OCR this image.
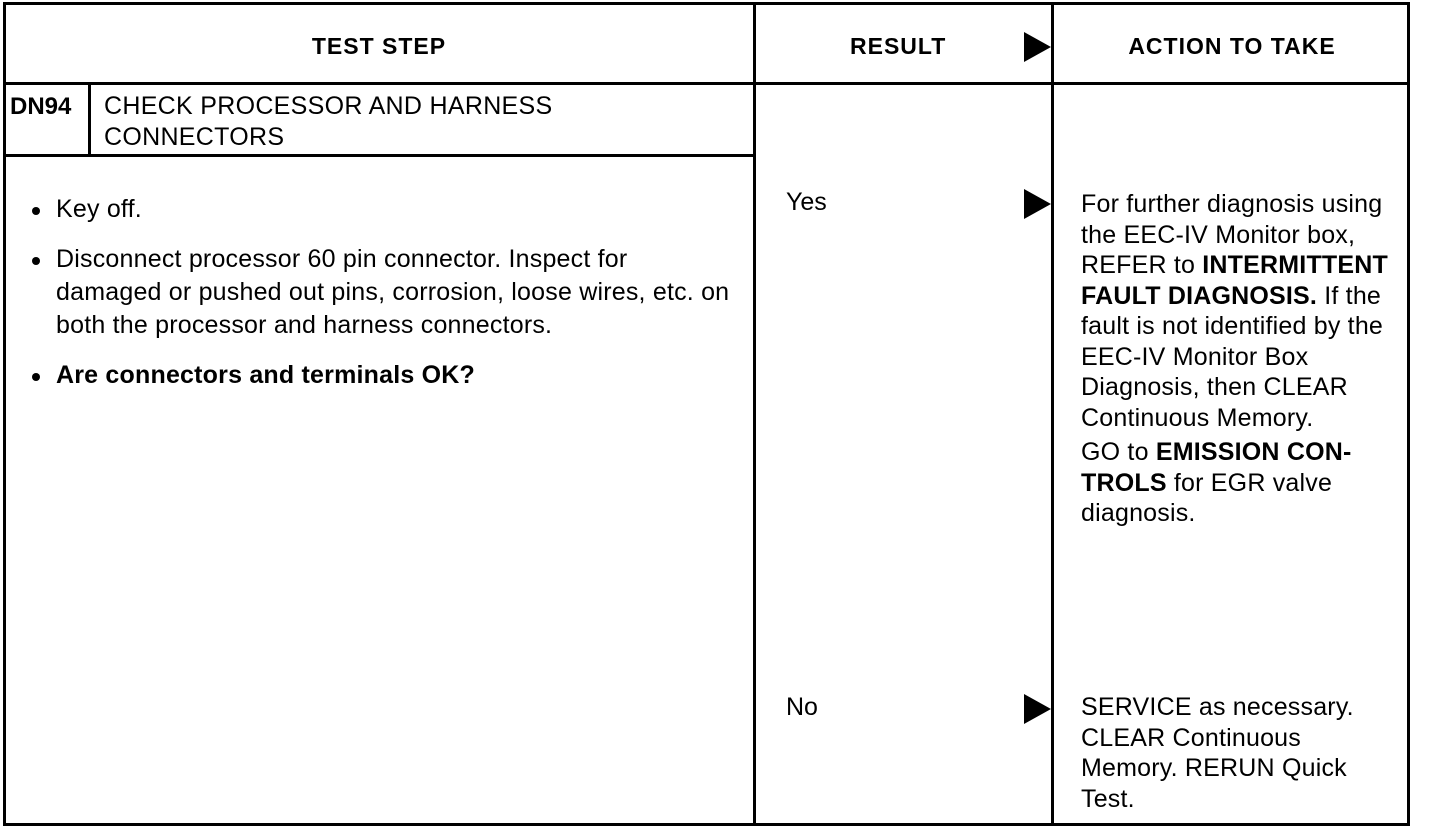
TEST STEP	RESULT	ACTION TO TAKE
DN94 CHECK PROCESSOR AND HARNESS CONNECTORS
Key off.
Disconnect processor 60 pin connector. Inspect for damaged or pushed out pins, corrosion, loose wires, etc. on both the processor and harness connectors.
Are connectors and terminals OK?
Yes	For further diagnosis using the EEC-IV Monitor box, REFER to INTERMITTENT FAULT DIAGNOSIS. If the fault is not identified by the EEC-IV Monitor Box Diagnosis, then CLEAR Continuous Memory.

GO to EMISSION CON-TROLS for EGR valve diagnosis.

No	SERVICE as necessary. CLEAR Continuous Memory. RERUN Quick Test.
